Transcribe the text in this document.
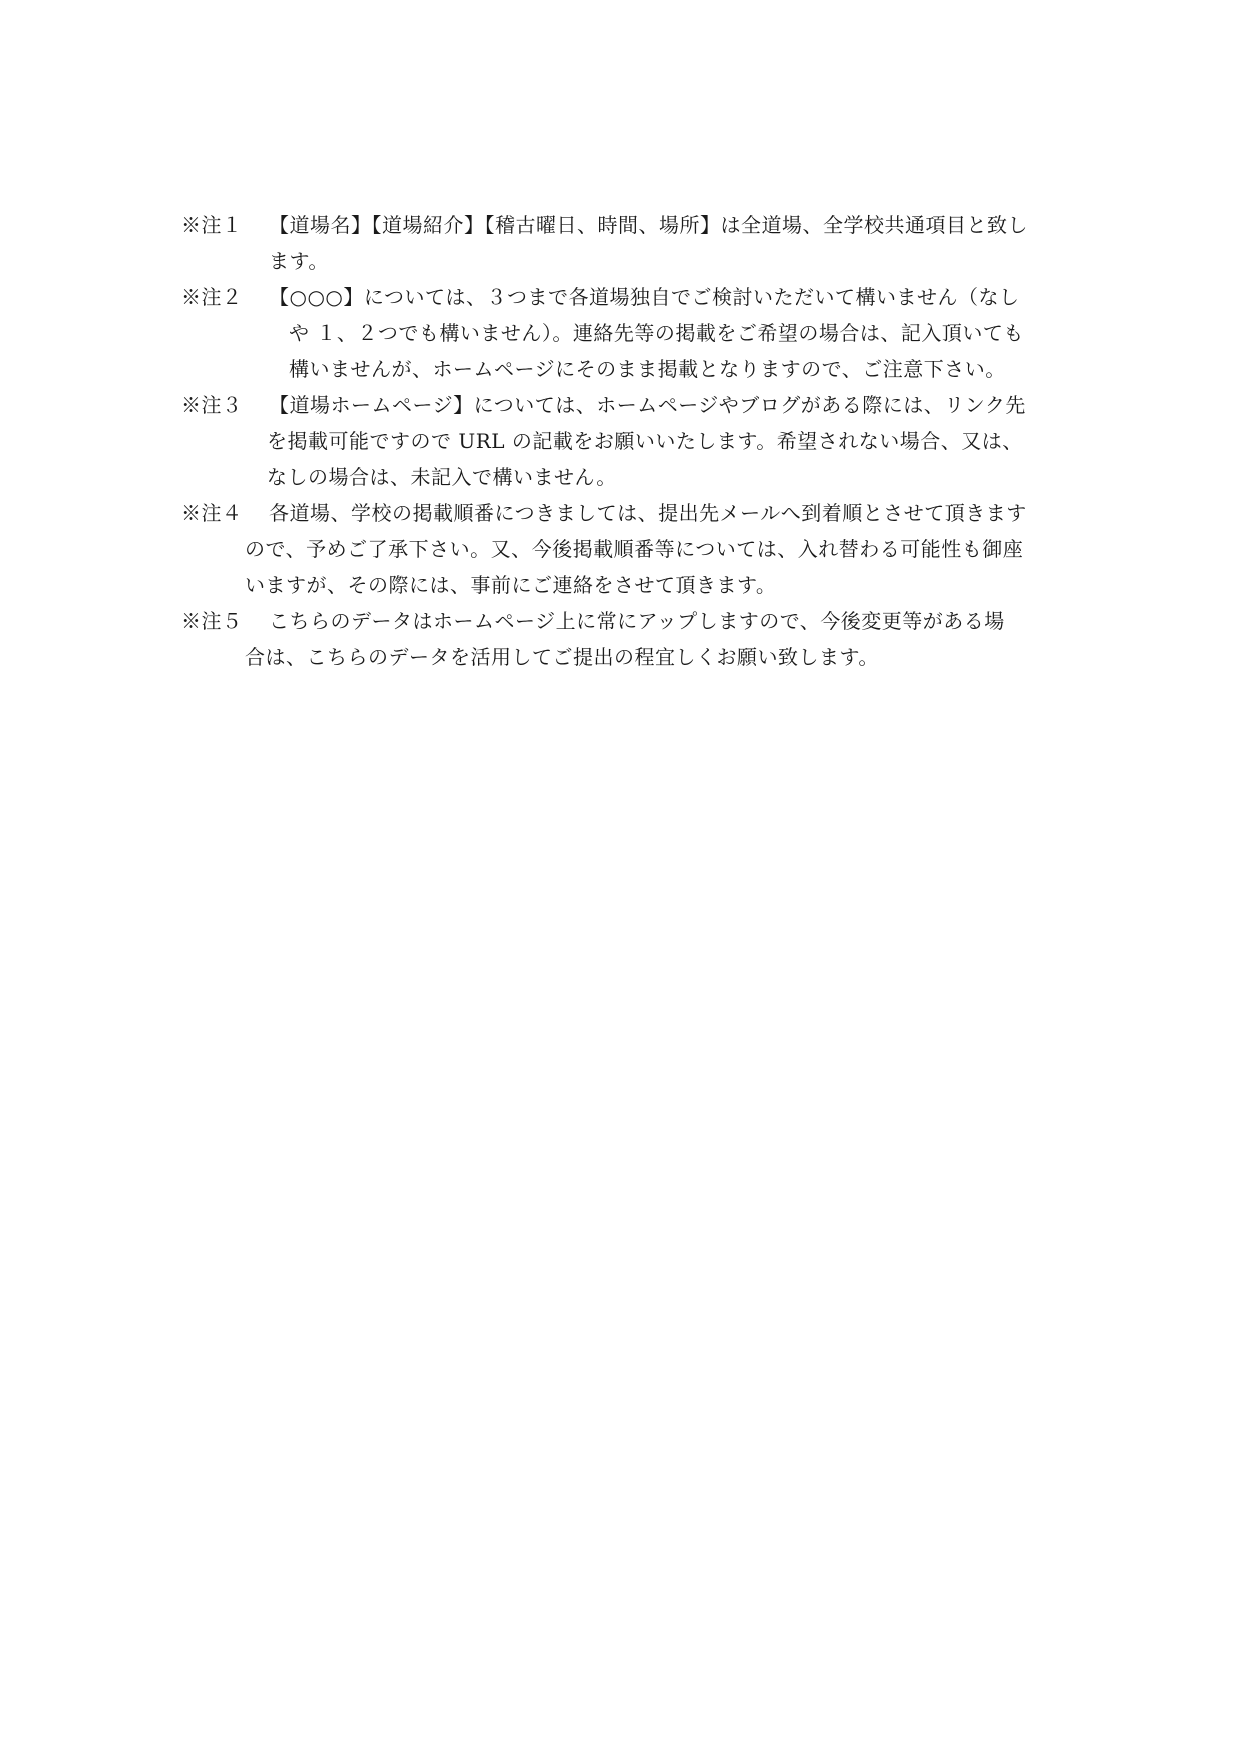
※注１ 【道場名】【道場紹介】【稽古曜日、時間、場所】は全道場、全学校共通項目と致し
ます。

※注２ 【○○○】については、３つまで各道場独自でご検討いただいて構いません（なし
や １、２つでも構いません）。連絡先等の掲載をご希望の場合は、記入頂いても
構いませんが、ホームページにそのまま掲載となりますので、ご注意下さい。

※注３ 【道場ホームページ】については、ホームページやブログがある際には、リンク先
を掲載可能ですので URL の記載をお願いいたします。希望されない場合、又は、
なしの場合は、未記入で構いません。

※注４ 各道場、学校の掲載順番につきましては、提出先メールへ到着順とさせて頂きます
ので、予めご了承下さい。又、今後掲載順番等については、入れ替わる可能性も御座
いますが、その際には、事前にご連絡をさせて頂きます。

※注５ こちらのデータはホームページ上に常にアップしますので、今後変更等がある場
合は、こちらのデータを活用してご提出の程宜しくお願い致します。
